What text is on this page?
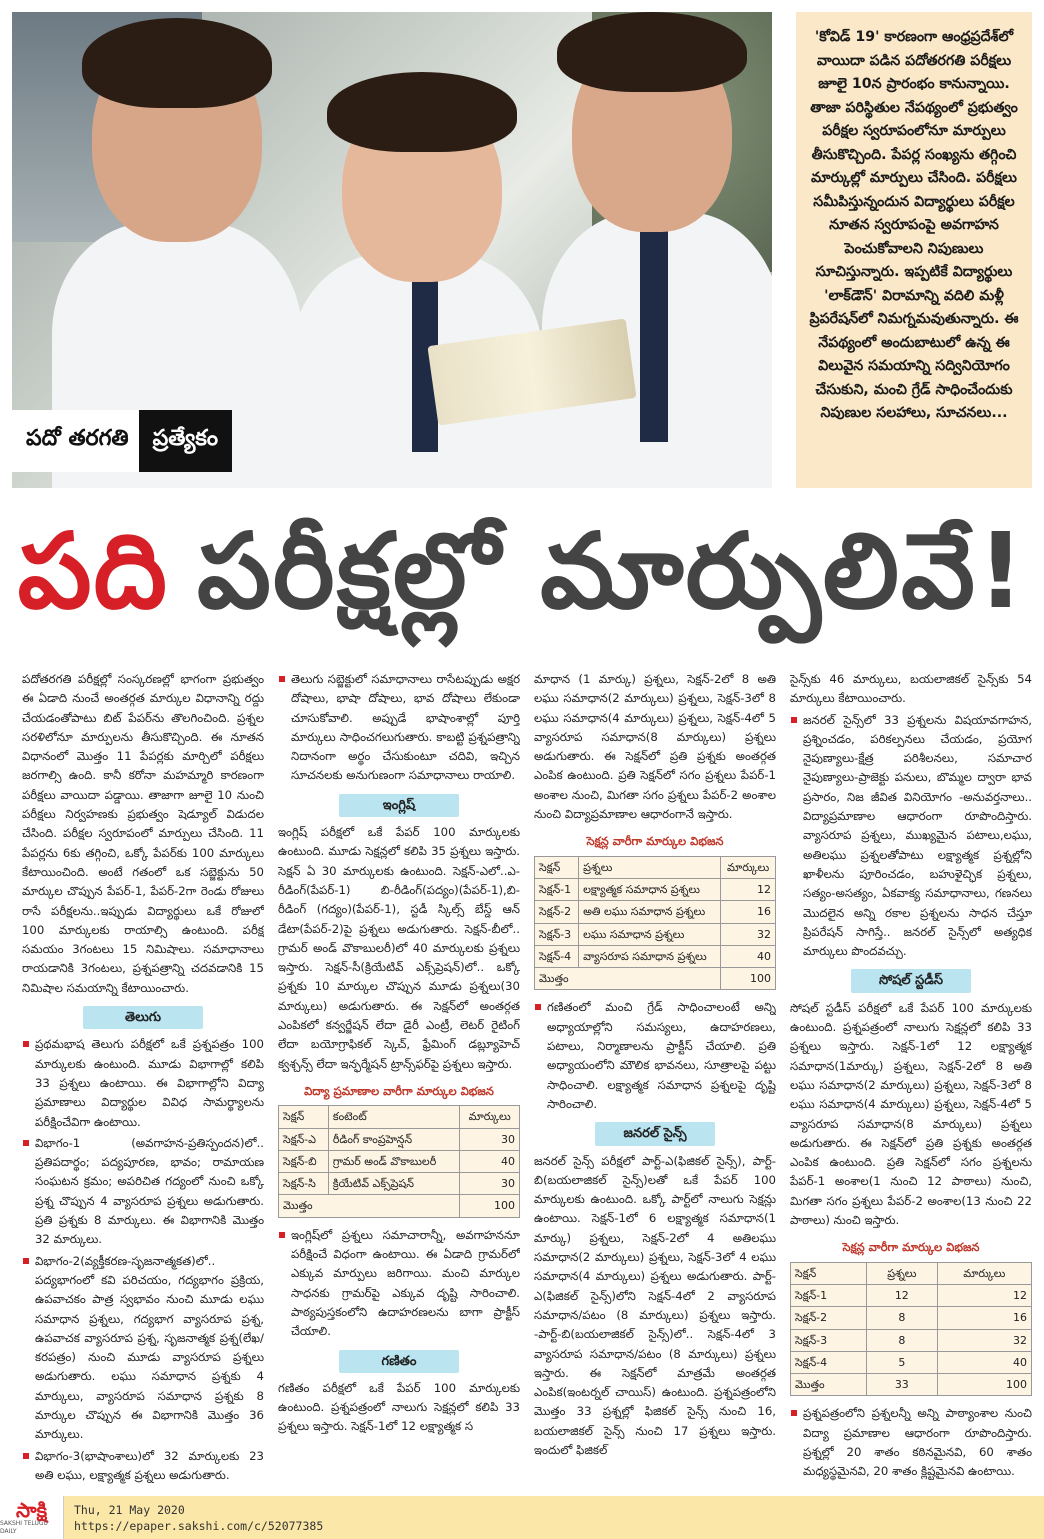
పదో తరగతి	ప్రత్యేకం
'కోవిడ్ 19' కారణంగా ఆంధ్రప్రదేశ్‌లో వాయిదా పడిన పదోతరగతి పరీక్షలు జూలై 10న ప్రారంభం కానున్నాయి. తాజా పరిస్థితుల నేపథ్యంలో ప్రభుత్వం పరీక్షల స్వరూపంలోనూ మార్పులు తీసుకొచ్చింది. పేపర్ల సంఖ్యను తగ్గించి మార్కుల్లో మార్పులు చేసింది. పరీక్షలు సమీపిస్తున్నందున విద్యార్థులు పరీక్షల నూతన స్వరూపంపై అవగాహన పెంచుకోవాలని నిపుణులు సూచిస్తున్నారు. ఇప్పటికే విద్యార్థులు 'లాక్‌డౌన్' విరామాన్ని వదిలి మళ్లీ ప్రిపరేషన్‌లో నిమగ్నమవుతున్నారు. ఈ నేపథ్యంలో అందుబాటులో ఉన్న ఈ విలువైన సమయాన్ని సద్వినియోగం చేసుకుని, మంచి గ్రేడ్ సాధించేందుకు నిపుణుల సలహాలు, సూచనలు...
పది పరీక్షల్లో మార్పులివే!

పదోతరగతి పరీక్షల్లో సంస్కరణల్లో భాగంగా ప్రభుత్వం ఈ ఏడాది నుంచే అంతర్గత మార్కుల విధానాన్ని రద్దు చేయడంతోపాటు బిట్ పేపర్‌ను తొలగించింది. ప్రశ్నల సరళిలోనూ మార్పులను తీసుకొచ్చింది. ఈ నూతన విధానంలో మొత్తం 11 పేపర్లకు మార్చిలో పరీక్షలు జరగాల్సి ఉంది. కానీ కరోనా మహమ్మారి కారణంగా పరీక్షలు వాయిదా పడ్డాయి. తాజాగా జూలై 10 నుంచి పరీక్షలు నిర్వహణకు ప్రభుత్వం షెడ్యూల్ విడుదల చేసింది. పరీక్షల స్వరూపంలో మార్పులు చేసింది. 11 పేపర్లను 6కు తగ్గించి, ఒక్కో పేపర్‌కు 100 మార్కులు కేటాయించింది. అంటే గతంలో ఒక సబ్జెక్టును 50 మార్కుల చొప్పున పేపర్-1, పేపర్-2గా రెండు రోజులు రాసే పరీక్షలను..ఇప్పుడు విద్యార్థులు ఒకే రోజులో 100 మార్కులకు రాయాల్సి ఉంటుంది. పరీక్ష సమయం 3గంటలు 15 నిమిషాలు. సమాధానాలు రాయడానికి 3గంటలు, ప్రశ్నపత్రాన్ని చదవడానికి 15 నిమిషాల సమయాన్ని కేటాయించారు.

తెలుగు

ప్రథమభాష తెలుగు పరీక్షలో ఒకే ప్రశ్నపత్రం 100 మార్కులకు ఉంటుంది. మూడు విభాగాల్లో కలిపి 33 ప్రశ్నలు ఉంటాయి. ఈ విభాగాల్లోని విద్యా ప్రమాణాలు విద్యార్థుల వివిధ సామర్థ్యాలను పరీక్షించేవిగా ఉంటాయి.

విభాగం-1 (అవగాహన-ప్రతిస్పందన)లో.. ప్రతిపదార్థం; పద్యపూరణ, భావం; రామాయణ సంఘటన క్రమం; అపరిచిత గద్యంలో నుంచి ఒక్కో ప్రశ్న చొప్పున 4 వ్యాసరూప ప్రశ్నలు అడుగుతారు. ప్రతి ప్రశ్నకు 8 మార్కులు. ఈ విభాగానికి మొత్తం 32 మార్కులు.

విభాగం-2(వ్యక్తీకరణ-సృజనాత్మకత)లో.. పద్యభాగంలో కవి పరిచయం, గద్యభాగం ప్రక్రియ, ఉపవాచకం పాత్ర స్వభావం నుంచి మూడు లఘు సమాధాన ప్రశ్నలు, గద్యభాగ వ్యాసరూప ప్రశ్న, ఉపవాచక వ్యాసరూప ప్రశ్న, సృజనాత్మక ప్రశ్న(లేఖ/కరపత్రం) నుంచి మూడు వ్యాసరూప ప్రశ్నలు అడుగుతారు. లఘు సమాధాన ప్రశ్నకు 4 మార్కులు, వ్యాసరూప సమాధాన ప్రశ్నకు 8 మార్కుల చొప్పున ఈ విభాగానికి మొత్తం 36 మార్కులు.

విభాగం-3(భాషాంశాలు)లో 32 మార్కులకు 23 అతి లఘు, లక్ష్యాత్మక ప్రశ్నలు అడుగుతారు.

తెలుగు సబ్జెక్టులో సమాధానాలు రాసేటప్పుడు అక్షర దోషాలు, భాషా దోషాలు, భావ దోషాలు లేకుండా చూసుకోవాలి. అప్పుడే భాషాంశాల్లో పూర్తి మార్కులు సాధించగలుగుతారు. కాబట్టి ప్రశ్నపత్రాన్ని నిదానంగా అర్థం చేసుకుంటూ చదివి, ఇచ్చిన సూచనలకు అనుగుణంగా సమాధానాలు రాయాలి.

ఇంగ్లిష్

ఇంగ్లిష్ పరీక్షలో ఒకే పేపర్ 100 మార్కులకు ఉంటుంది. మూడు సెక్షన్లలో కలిపి 35 ప్రశ్నలు ఇస్తారు. సెక్షన్ ఏ 30 మార్కులకు ఉంటుంది. సెక్షన్-ఎలో..ఎ-రీడింగ్(పేపర్-1) బి-రీడింగ్(పద్యం)(పేపర్-1),బి-రీడింగ్ (గద్యం)(పేపర్-1), స్టడీ స్కిల్స్ బేస్డ్ ఆన్ డేటా(పేపర్-2)పై ప్రశ్నలు అడుగుతారు. సెక్షన్-బీలో.. గ్రామర్ అండ్ వొకాబులరీ)లో 40 మార్కులకు ప్రశ్నలు ఇస్తారు. సెక్షన్-సీ(క్రియేటివ్ ఎక్స్‌ప్రెషన్)లో.. ఒక్కో ప్రశ్నకు 10 మార్కుల చొప్పున మూడు ప్రశ్నలు(30 మార్కులు) అడుగుతారు. ఈ సెక్షన్‌లో అంతర్గత ఎంపికలో కన్వర్జేషన్ లేదా డైరీ ఎంట్రీ, లెటర్ రైటింగ్ లేదా బయోగ్రాఫికల్ స్కెచ్, ఫ్రేమింగ్ డబ్ల్యూహెచ్ క్వశ్చన్స్ లేదా ఇన్ఫర్మేషన్ ట్రాన్స్‌ఫర్‌పై ప్రశ్నలు ఇస్తారు.

విద్యా ప్రమాణాల వారీగా మార్కుల విభజన
సెక్షన్	కంటెంట్	మార్కులు
సెక్షన్-ఎ	రీడింగ్ కాంప్రహెన్షన్	30
సెక్షన్-బి	గ్రామర్ అండ్ వొకాబులరీ	40
సెక్షన్-సి	క్రియేటివ్ ఎక్స్‌ప్రెషన్	30
మొత్తం		100

ఇంగ్లిష్‌లో ప్రశ్నలు సమాచారాన్నీ, అవగాహననూ పరీక్షించే విధంగా ఉంటాయి. ఈ ఏడాది గ్రామర్‌లో ఎక్కువ మార్పులు జరిగాయి. మంచి మార్కుల సాధనకు గ్రామర్‌పై ఎక్కువ దృష్టి సారించాలి. పాఠ్యపుస్తకంలోని ఉదాహరణలను బాగా ప్రాక్టీస్ చేయాలి.

గణితం

గణితం పరీక్షలో ఒకే పేపర్ 100 మార్కులకు ఉంటుంది. ప్రశ్నపత్రంలో నాలుగు సెక్షన్లలో కలిపి 33 ప్రశ్నలు ఇస్తారు. సెక్షన్-1లో 12 లక్ష్యాత్మక స

మాధాన (1 మార్కు) ప్రశ్నలు, సెక్షన్-2లో 8 అతి లఘు సమాధాన(2 మార్కులు) ప్రశ్నలు, సెక్షన్-3లో 8 లఘు సమాధాన(4 మార్కులు) ప్రశ్నలు, సెక్షన్-4లో 5 వ్యాసరూప సమాధాన(8 మార్కులు) ప్రశ్నలు అడుగుతారు. ఈ సెక్షన్‌లో ప్రతి ప్రశ్నకు అంతర్గత ఎంపిక ఉంటుంది. ప్రతి సెక్షన్‌లో సగం ప్రశ్నలు పేపర్-1 అంశాల నుంచి, మిగతా సగం ప్రశ్నలు పేపర్-2 అంశాల నుంచి విద్యాప్రమాణాల ఆధారంగానే ఇస్తారు.

సెక్షన్ల వారీగా మార్కుల విభజన
సెక్షన్	ప్రశ్నలు	మార్కులు
సెక్షన్-1	లక్ష్యాత్మక సమాధాన ప్రశ్నలు	12
సెక్షన్-2	అతి లఘు సమాధాన ప్రశ్నలు	16
సెక్షన్-3	లఘు సమాధాన ప్రశ్నలు	32
సెక్షన్-4	వ్యాసరూప సమాధాన ప్రశ్నలు	40
మొత్తం		100

గణితంలో మంచి గ్రేడ్ సాధించాలంటే అన్ని అధ్యాయాల్లోని సమస్యలు, ఉదాహరణలు, పటాలు, నిర్మాణాలను ప్రాక్టీస్ చేయాలి. ప్రతి అధ్యాయంలోని మౌలిక భావనలు, సూత్రాలపై పట్టు సాధించాలి. లక్ష్యాత్మక సమాధాన ప్రశ్నలపై దృష్టి సారించాలి.

జనరల్ సైన్స్

జనరల్ సైన్స్ పరీక్షలో పార్ట్-ఎ(ఫిజికల్ సైన్స్), పార్ట్-బి(బయలాజికల్ సైన్స్)లతో ఒకే పేపర్ 100 మార్కులకు ఉంటుంది. ఒక్కో పార్ట్‌లో నాలుగు సెక్షన్లు ఉంటాయి. సెక్షన్-1లో 6 లక్ష్యాత్మక సమాధాన(1 మార్కు) ప్రశ్నలు, సెక్షన్-2లో 4 అతిలఘు సమాధాన(2 మార్కులు) ప్రశ్నలు, సెక్షన్-3లో 4 లఘు సమాధాన(4 మార్కులు) ప్రశ్నలు అడుగుతారు. పార్ట్-ఎ(ఫిజికల్ సైన్స్)లోని సెక్షన్-4లో 2 వ్యాసరూప సమాధాన/పటం (8 మార్కులు) ప్రశ్నలు ఇస్తారు. -పార్ట్-బి(బయలాజికల్ సైన్స్)లో.. సెక్షన్-4లో 3 వ్యాసరూప సమాధాన/పటం (8 మార్కులు) ప్రశ్నలు ఇస్తారు. ఈ సెక్షన్‌లో మాత్రమే అంతర్గత ఎంపిక(ఇంటర్నల్ చాయిస్) ఉంటుంది. ప్రశ్నపత్రంలోని మొత్తం 33 ప్రశ్నల్లో ఫిజికల్ సైన్స్ నుంచి 16, బయలాజికల్ సైన్స్ నుంచి 17 ప్రశ్నలు ఇస్తారు. ఇందులో ఫిజికల్

సైన్స్‌కు 46 మార్కులు, బయలాజికల్ సైన్స్‌కు 54 మార్కులు కేటాయించారు.

జనరల్ సైన్స్‌లో 33 ప్రశ్నలను విషయావగాహన, ప్రశ్నించడం, పరికల్పనలు చేయడం, ప్రయోగ నైపుణ్యాలు-క్షేత్ర పరిశీలనలు, సమాచార నైపుణ్యాలు-ప్రాజెక్టు పనులు, బొమ్మల ద్వారా భావ ప్రసారం, నిజ జీవిత వినియోగం -అనువర్తనాలు.. విద్యాప్రమాణాల ఆధారంగా రూపొందిస్తారు. వ్యాసరూప ప్రశ్నలు, ముఖ్యమైన పటాలు,లఘు, అతిలఘు ప్రశ్నలతోపాటు లక్ష్యాత్మక ప్రశ్నల్లోని ఖాళీలను పూరించడం, బహుళైచ్ఛిక ప్రశ్నలు, సత్యం-అసత్యం, ఏకవాక్య సమాధానాలు, గణనలు మొదలైన అన్ని రకాల ప్రశ్నలను సాధన చేస్తూ ప్రిపరేషన్ సాగిస్తే.. జనరల్ సైన్స్‌లో అత్యధిక మార్కులు పొందవచ్చు.

సోషల్ స్టడీస్

సోషల్ స్టడీస్ పరీక్షలో ఒకే పేపర్ 100 మార్కులకు ఉంటుంది. ప్రశ్నపత్రంలో నాలుగు సెక్షన్లలో కలిపి 33 ప్రశ్నలు ఇస్తారు. సెక్షన్-1లో 12 లక్ష్యాత్మక సమాధాన(1మార్కు) ప్రశ్నలు, సెక్షన్-2లో 8 అతి లఘు సమాధాన(2 మార్కులు) ప్రశ్నలు, సెక్షన్-3లో 8 లఘు సమాధాన(4 మార్కులు) ప్రశ్నలు, సెక్షన్-4లో 5 వ్యాసరూప సమాధాన(8 మార్కులు) ప్రశ్నలు అడుగుతారు. ఈ సెక్షన్‌లో ప్రతి ప్రశ్నకు అంతర్గత ఎంపిక ఉంటుంది. ప్రతి సెక్షన్‌లో సగం ప్రశ్నలను పేపర్-1 అంశాల(1 నుంచి 12 పాఠాలు) నుంచి, మిగతా సగం ప్రశ్నలు పేపర్-2 అంశాల(13 నుంచి 22 పాఠాలు) నుంచి ఇస్తారు.

సెక్షన్ల వారీగా మార్కుల విభజన
సెక్షన్	ప్రశ్నలు	మార్కులు
సెక్షన్-1	12	12
సెక్షన్-2	8	16
సెక్షన్-3	8	32
సెక్షన్-4	5	40
మొత్తం	33	100

ప్రశ్నపత్రంలోని ప్రశ్నలన్నీ అన్ని పాఠ్యాంశాల నుంచి విద్యా ప్రమాణాల ఆధారంగా రూపొందిస్తారు. ప్రశ్నల్లో 20 శాతం కఠినమైనవి, 60 శాతం మధ్యస్థమైనవి, 20 శాతం క్లిష్టమైనవి ఉంటాయి.

సాక్షి
SAKSHI TELUGU DAILY
Thu, 21 May 2020
https://epaper.sakshi.com/c/52077385
